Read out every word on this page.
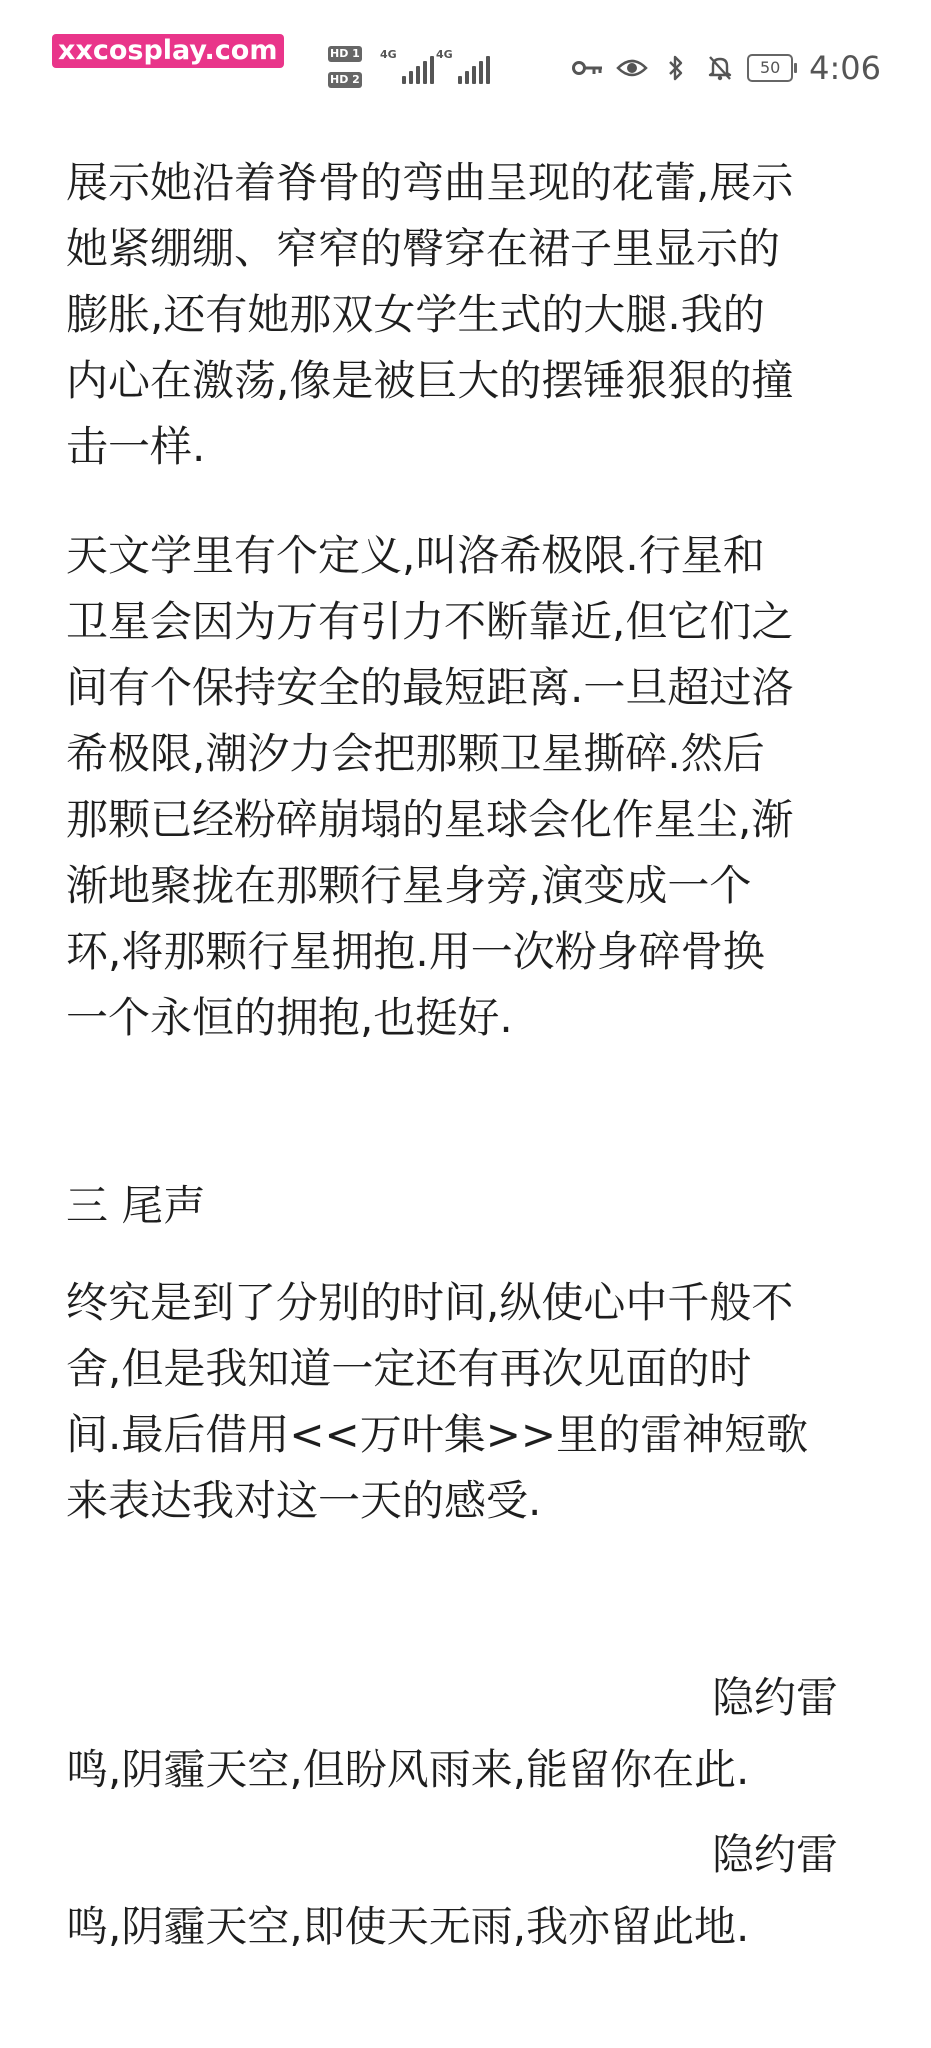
xxcosplay.com	HD 1
HD 2
4G	4G
50 4:06
展示她沿着脊骨的弯曲呈现的花蕾,展示
她紧绷绷、窄窄的臀穿在裙子里显示的
膨胀,还有她那双女学生式的大腿.我的
内心在激荡,像是被巨大的摆锤狠狠的撞
击一样.
天文学里有个定义,叫洛希极限.行星和
卫星会因为万有引力不断靠近,但它们之
间有个保持安全的最短距离.一旦超过洛
希极限,潮汐力会把那颗卫星撕碎.然后
那颗已经粉碎崩塌的星球会化作星尘,渐
渐地聚拢在那颗行星身旁,演变成一个
环,将那颗行星拥抱.用一次粉身碎骨换
一个永恒的拥抱,也挺好.
三 尾声
终究是到了分别的时间,纵使心中千般不
舍,但是我知道一定还有再次见面的时
间.最后借用<<万叶集>>里的雷神短歌
来表达我对这一天的感受.
隐约雷
鸣,阴霾天空,但盼风雨来,能留你在此.
隐约雷
鸣,阴霾天空,即使天无雨,我亦留此地.
